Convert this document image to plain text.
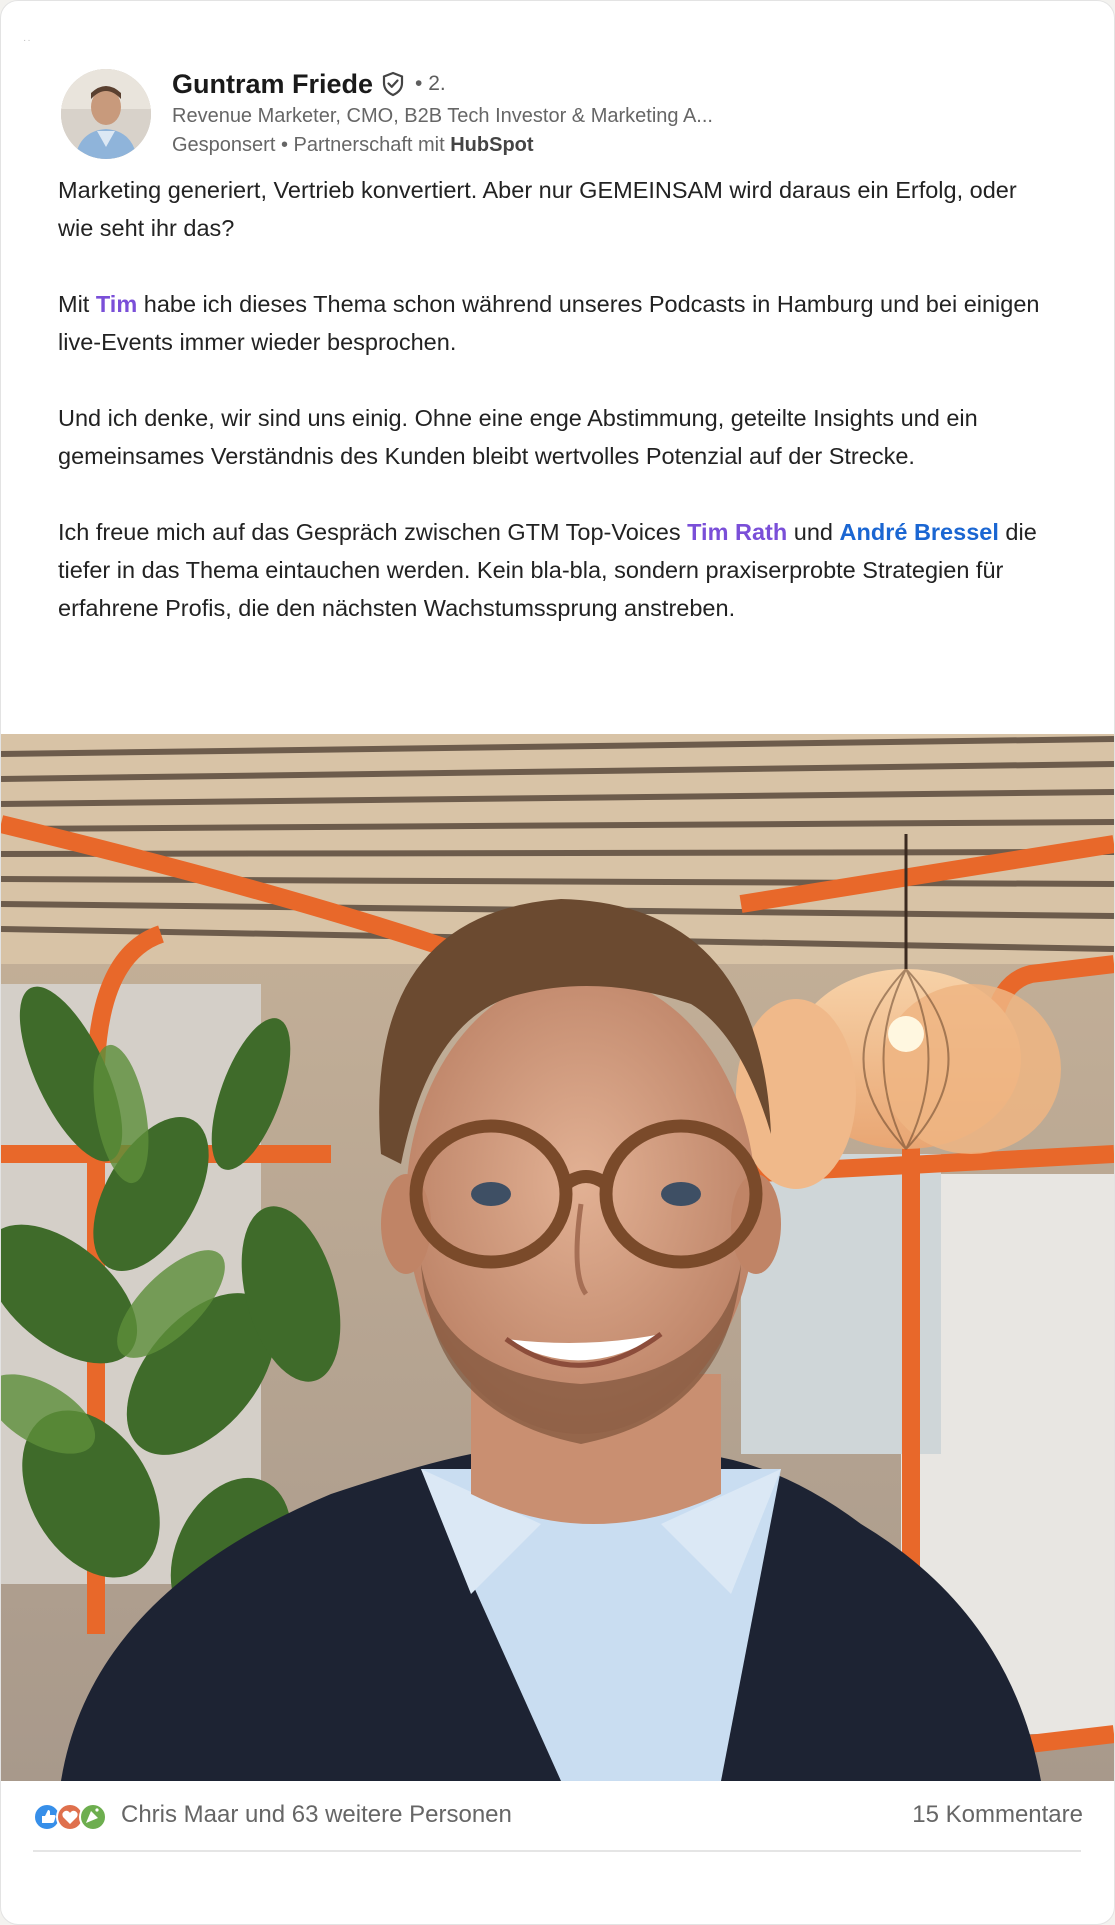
··
Guntram Friede • 2.
Revenue Marketer, CMO, B2B Tech Investor & Marketing A...
Gesponsert • Partnerschaft mit HubSpot

Marketing generiert, Vertrieb konvertiert. Aber nur GEMEINSAM wird daraus ein Erfolg, oder wie seht ihr das?

Mit Tim habe ich dieses Thema schon während unseres Podcasts in Hamburg und bei einigen live-Events immer wieder besprochen.

Und ich denke, wir sind uns einig. Ohne eine enge Abstimmung, geteilte Insights und ein gemeinsames Verständnis des Kunden bleibt wertvolles Potenzial auf der Strecke.

Ich freue mich auf das Gespräch zwischen GTM Top-Voices Tim Rath und André Bressel die tiefer in das Thema eintauchen werden. Kein bla-bla, sondern praxiserprobte Strategien für erfahrene Profis, die den nächsten Wachstumssprung anstreben.

Chris Maar und 63 weitere Personen	15 Kommentare
